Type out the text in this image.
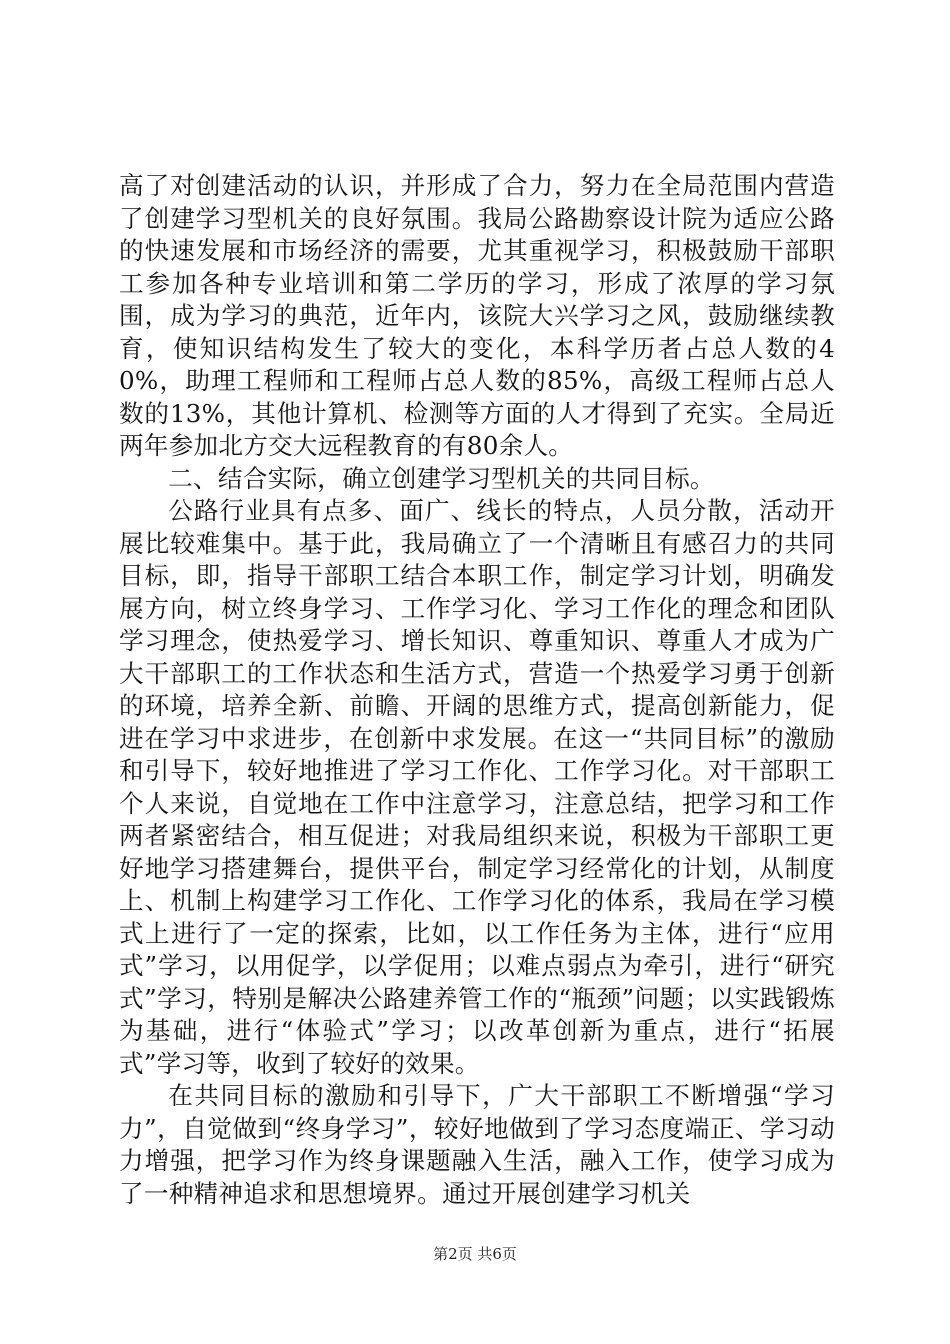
高了对创建活动的认识，并形成了合力，努力在全局范围内营造了创建学习型机关的良好氛围。我局公路勘察设计院为适应公路的快速发展和市场经济的需要，尤其重视学习，积极鼓励干部职工参加各种专业培训和第二学历的学习，形成了浓厚的学习氛围，成为学习的典范，近年内，该院大兴学习之风，鼓励继续教育，使知识结构发生了较大的变化，本科学历者占总人数的40%，助理工程师和工程师占总人数的85%，高级工程师占总人数的13%，其他计算机、检测等方面的人才得到了充实。全局近两年参加北方交大远程教育的有80余人。

二、结合实际，确立创建学习型机关的共同目标。

公路行业具有点多、面广、线长的特点，人员分散，活动开展比较难集中。基于此，我局确立了一个清晰且有感召力的共同目标，即，指导干部职工结合本职工作，制定学习计划，明确发展方向，树立终身学习、工作学习化、学习工作化的理念和团队学习理念，使热爱学习、增长知识、尊重知识、尊重人才成为广大干部职工的工作状态和生活方式，营造一个热爱学习勇于创新的环境，培养全新、前瞻、开阔的思维方式，提高创新能力，促进在学习中求进步，在创新中求发展。在这一“共同目标”的激励和引导下，较好地推进了学习工作化、工作学习化。对干部职工个人来说，自觉地在工作中注意学习，注意总结，把学习和工作两者紧密结合，相互促进；对我局组织来说，积极为干部职工更好地学习搭建舞台，提供平台，制定学习经常化的计划，从制度上、机制上构建学习工作化、工作学习化的体系，我局在学习模式上进行了一定的探索，比如，以工作任务为主体，进行“应用式”学习，以用促学，以学促用；以难点弱点为牵引，进行“研究式”学习，特别是解决公路建养管工作的“瓶颈”问题；以实践锻炼为基础，进行“体验式”学习；以改革创新为重点，进行“拓展式”学习等，收到了较好的效果。

在共同目标的激励和引导下，广大干部职工不断增强“学习力”，自觉做到“终身学习”，较好地做到了学习态度端正、学习动力增强，把学习作为终身课题融入生活，融入工作，使学习成为了一种精神追求和思想境界。通过开展创建学习机关

第2页 共6页
